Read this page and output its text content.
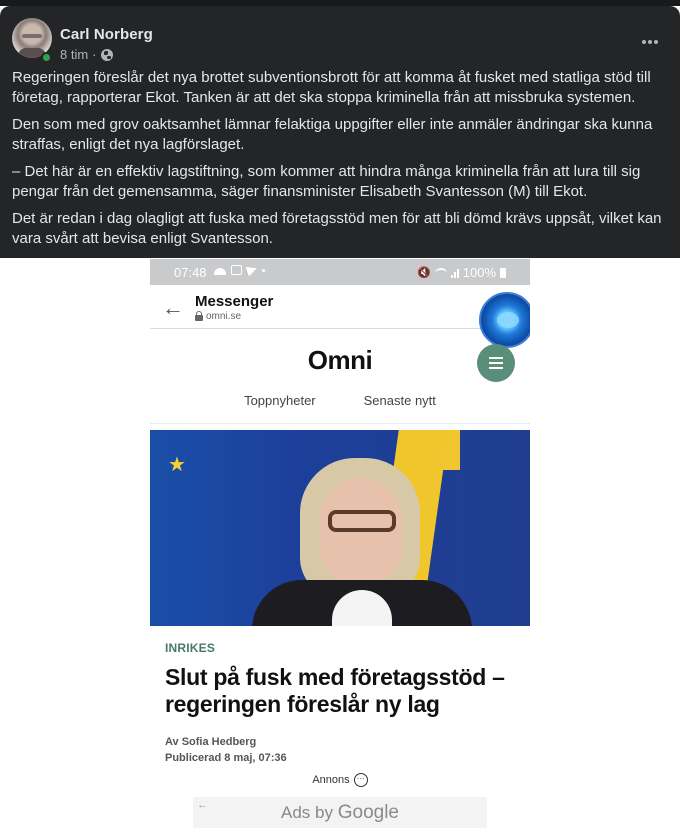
Carl Norberg
8 tim ·

Regeringen föreslår det nya brottet subventionsbrott för att komma åt fusket med statliga stöd till företag, rapporterar Ekot. Tanken är att det ska stoppa kriminella från att missbruka systemen.

Den som med grov oaktsamhet lämnar felaktiga uppgifter eller inte anmäler ändringar ska kunna straffas, enligt det nya lagförslaget.

– Det här är en effektiv lagstiftning, som kommer att hindra många kriminella från att lura till sig pengar från det gemensamma, säger finansminister Elisabeth Svantesson (M) till Ekot.

Det är redan i dag olagligt att fuska med företagsstöd men för att bli dömd krävs uppsåt, vilket kan vara svårt att bevisa enligt Svantesson.

07:48	🔇 100%
← Messenger
omni.se
Omni
Toppnyheter	Senaste nytt
★
INRIKES
Slut på fusk med företagsstöd – regeringen föreslår ny lag
Av Sofia Hedberg
Publicerad 8 maj, 07:36
Annons ···
←	Ads by Google
